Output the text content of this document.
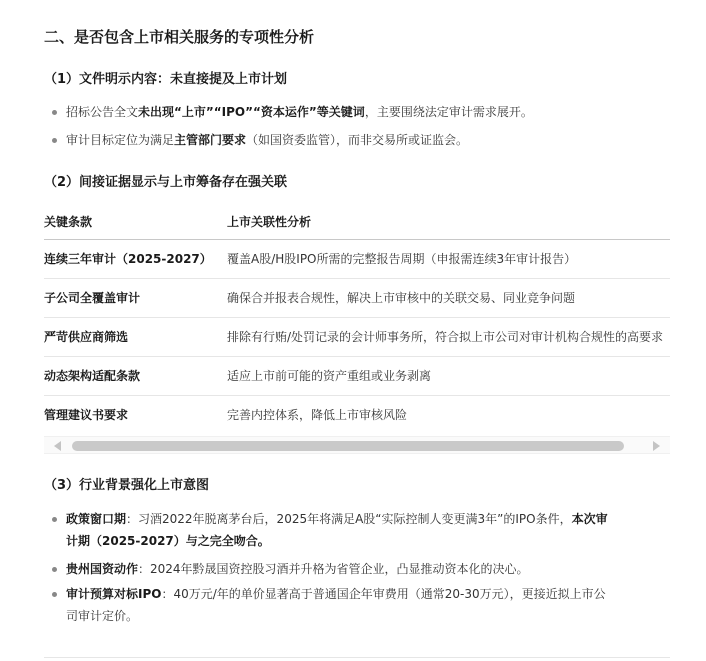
二、是否包含上市相关服务的专项性分析
（1）文件明示内容：未直接提及上市计划
招标公告全文未出现“上市”“IPO”“资本运作”等关键词，主要围绕法定审计需求展开。
审计目标定位为满足主管部门要求（如国资委监管），而非交易所或证监会。
（2）间接证据显示与上市筹备存在强关联
关键条款	上市关联性分析
连续三年审计（2025-2027）	覆盖A股/H股IPO所需的完整报告周期（申报需连续3年审计报告）
子公司全覆盖审计	确保合并报表合规性，解决上市审核中的关联交易、同业竞争问题
严苛供应商筛选	排除有行贿/处罚记录的会计师事务所，符合拟上市公司对审计机构合规性的高要求
动态架构适配条款	适应上市前可能的资产重组或业务剥离
管理建议书要求	完善内控体系，降低上市审核风险
（3）行业背景强化上市意图
政策窗口期：习酒2022年脱离茅台后，2025年将满足A股“实际控制人变更满3年”的IPO条件，本次审
计期（2025-2027）与之完全吻合。
贵州国资动作：2024年黔晟国资控股习酒并升格为省管企业，凸显推动资本化的决心。
审计预算对标IPO：40万元/年的单价显著高于普通国企年审费用（通常20-30万元），更接近拟上市公
司审计定价。
